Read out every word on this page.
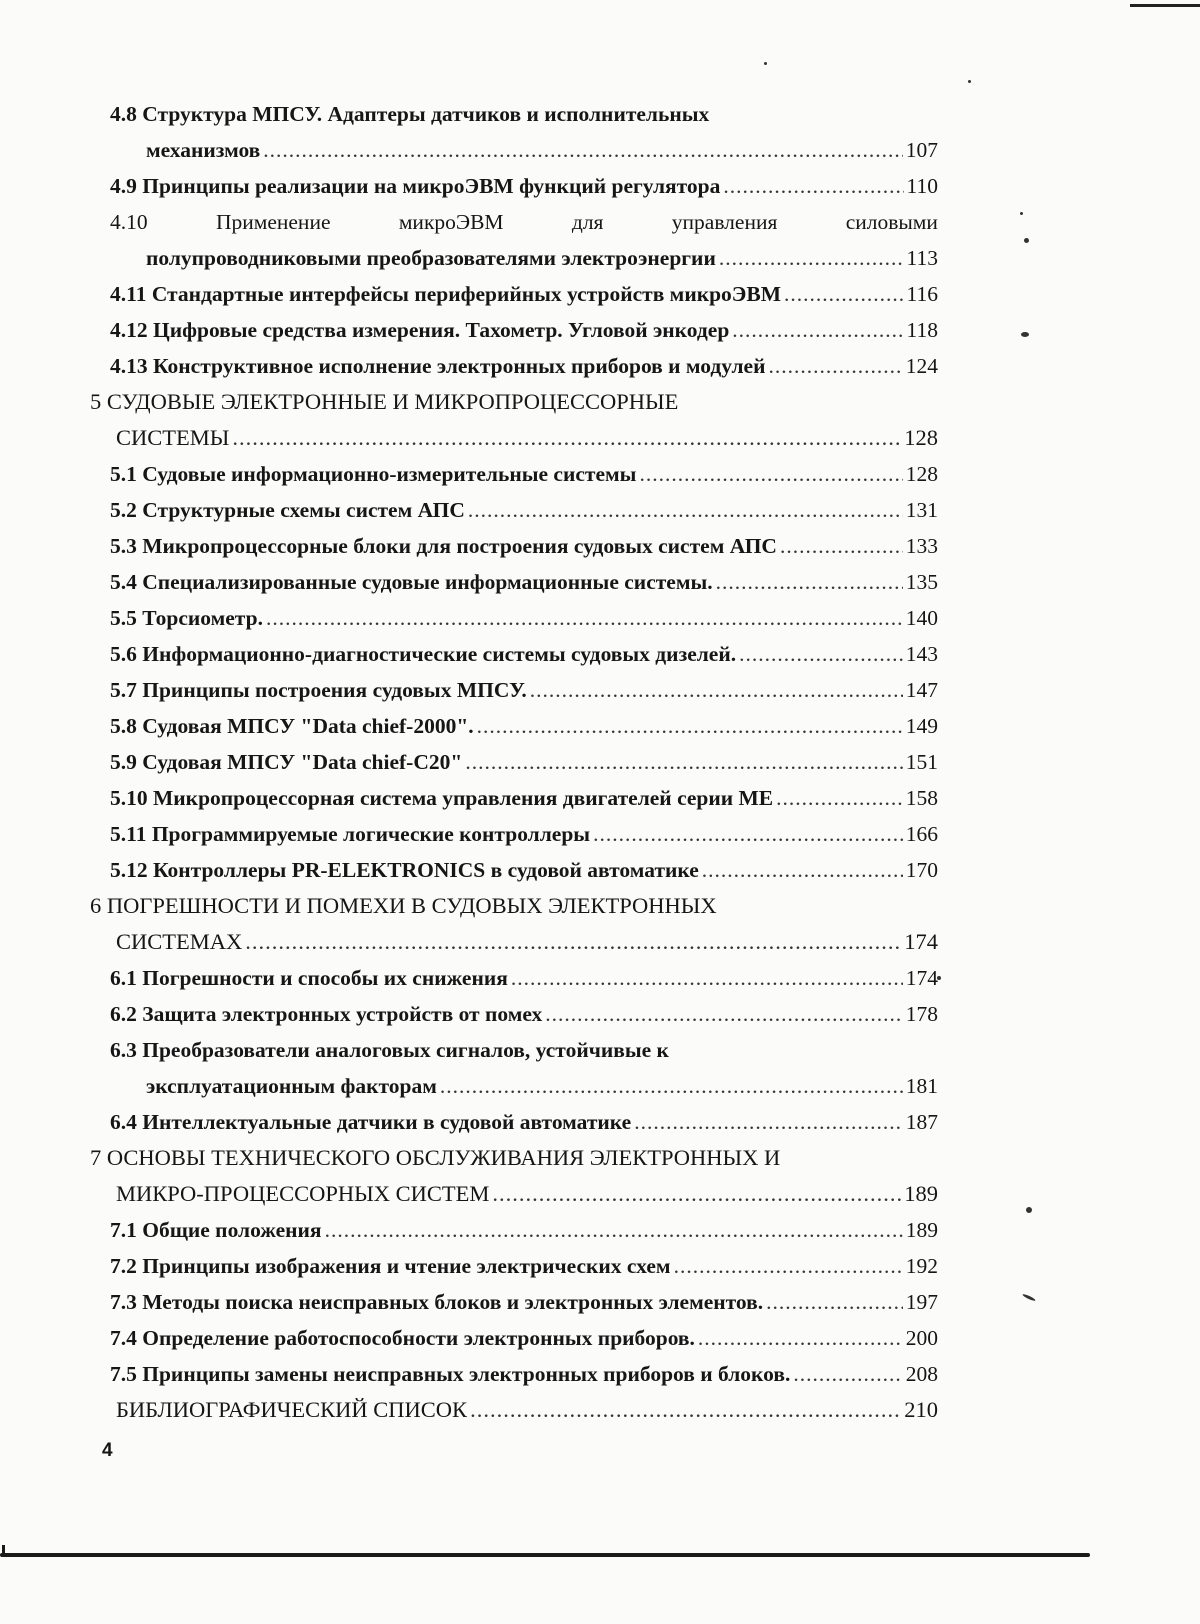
4.8 Структура МПСУ. Адаптеры датчиков и исполнительных
механизмов
.....	107
4.9 Принципы реализации на микроЭВМ функций регулятора
.....	110
4.10	Применение	микроЭВМ	для	управления	силовыми
полупроводниковыми преобразователями электроэнергии
.....	113
4.11 Стандартные интерфейсы периферийных устройств микроЭВМ
.....	116
4.12 Цифровые средства измерения. Тахометр. Угловой энкодер
.....	118
4.13 Конструктивное исполнение электронных приборов и модулей
.....	124
5 СУДОВЫЕ ЭЛЕКТРОННЫЕ И МИКРОПРОЦЕССОРНЫЕ
СИСТЕМЫ
.....	128
5.1 Судовые информационно-измерительные системы
.....	128
5.2 Структурные схемы систем АПС
.....	131
5.3 Микропроцессорные блоки для построения судовых систем АПС
.....	133
5.4 Специализированные судовые информационные системы.
.....	135
5.5 Торсиометр.
.....	140
5.6 Информационно-диагностические системы судовых дизелей.
.....	143
5.7 Принципы построения судовых МПСУ.
.....	147
5.8 Судовая МПСУ "Data chief-2000".
.....	149
5.9 Судовая МПСУ "Data chief-C20"
.....	151
5.10 Микропроцессорная система управления двигателей серии ME
.....	158
5.11 Программируемые логические контроллеры
.....	166
5.12 Контроллеры PR-ELEKTRONICS в судовой автоматике
.....	170
6 ПОГРЕШНОСТИ И ПОМЕХИ В СУДОВЫХ ЭЛЕКТРОННЫХ
СИСТЕМАХ
.....	174
6.1 Погрешности и способы их снижения
.....	174
6.2 Защита электронных устройств от помех
.....	178
6.3 Преобразователи аналоговых сигналов, устойчивые к
эксплуатационным факторам
.....	181
6.4 Интеллектуальные датчики в судовой автоматике
.....	187
7 ОСНОВЫ ТЕХНИЧЕСКОГО ОБСЛУЖИВАНИЯ ЭЛЕКТРОННЫХ И
МИКРО-ПРОЦЕССОРНЫХ СИСТЕМ
.....	189
7.1 Общие положения
.....	189
7.2 Принципы изображения и чтение электрических схем
.....	192
7.3 Методы поиска неисправных блоков и электронных элементов.
.....	197
7.4 Определение работоспособности электронных приборов.
.....	200
7.5 Принципы замены неисправных электронных приборов и блоков.
.....	208
БИБЛИОГРАФИЧЕСКИЙ СПИСОК
.....	210
4
